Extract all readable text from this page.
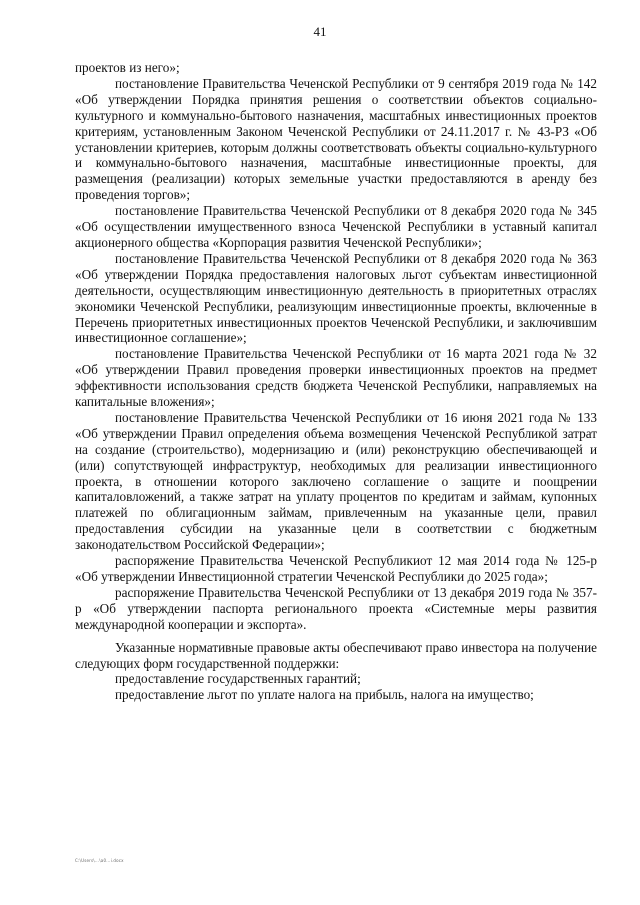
41

проектов из него»;

постановление Правительства Чеченской Республики от 9 сентября 2019 года № 142 «Об утверждении Порядка принятия решения о соответствии объектов социально-культурного и коммунально-бытового назначения, масштабных инвестиционных проектов критериям, установленным Законом Чеченской Республики от 24.11.2017 г. № 43-РЗ «Об установлении критериев, которым должны соответствовать объекты социально-культурного и коммунально-бытового назначения, масштабные инвестиционные проекты, для размещения (реализации) которых земельные участки предоставляются в аренду без проведения торгов»;

постановление Правительства Чеченской Республики от 8 декабря 2020 года № 345 «Об осуществлении имущественного взноса Чеченской Республики в уставный капитал акционерного общества «Корпорация развития Чеченской Республики»;

постановление Правительства Чеченской Республики от 8 декабря 2020 года № 363 «Об утверждении Порядка предоставления налоговых льгот субъектам инвестиционной деятельности, осуществляющим инвестиционную деятельность в приоритетных отраслях экономики Чеченской Республики, реализующим инвестиционные проекты, включенные в Перечень приоритетных инвестиционных проектов Чеченской Республики, и заключившим инвестиционное соглашение»;

постановление Правительства Чеченской Республики от 16 марта 2021 года № 32 «Об утверждении Правил проведения проверки инвестиционных проектов на предмет эффективности использования средств бюджета Чеченской Республики, направляемых на капитальные вложения»;

постановление Правительства Чеченской Республики от 16 июня 2021 года № 133 «Об утверждении Правил определения объема возмещения Чеченской Республикой затрат на создание (строительство), модернизацию и (или) реконструкцию обеспечивающей и (или) сопутствующей инфраструктур, необходимых для реализации инвестиционного проекта, в отношении которого заключено соглашение о защите и поощрении капиталовложений, а также затрат на уплату процентов по кредитам и займам, купонных платежей по облигационным займам, привлеченным на указанные цели, правил предоставления субсидии на указанные цели в соответствии с бюджетным законодательством Российской Федерации»;

распоряжение Правительства Чеченской Республикиот 12 мая 2014 года № 125-р «Об утверждении Инвестиционной стратегии Чеченской Республики до 2025 года»;

распоряжение Правительства Чеченской Республики от 13 декабря 2019 года № 357-р «Об утверждении паспорта регионального проекта «Системные меры развития международной кооперации и экспорта».

Указанные нормативные правовые акты обеспечивают право инвестора на получение следующих форм государственной поддержки:

предоставление государственных гарантий;

предоставление льгот по уплате налога на прибыль, налога на имущество;

C:\Users\...\a0...i.docx
